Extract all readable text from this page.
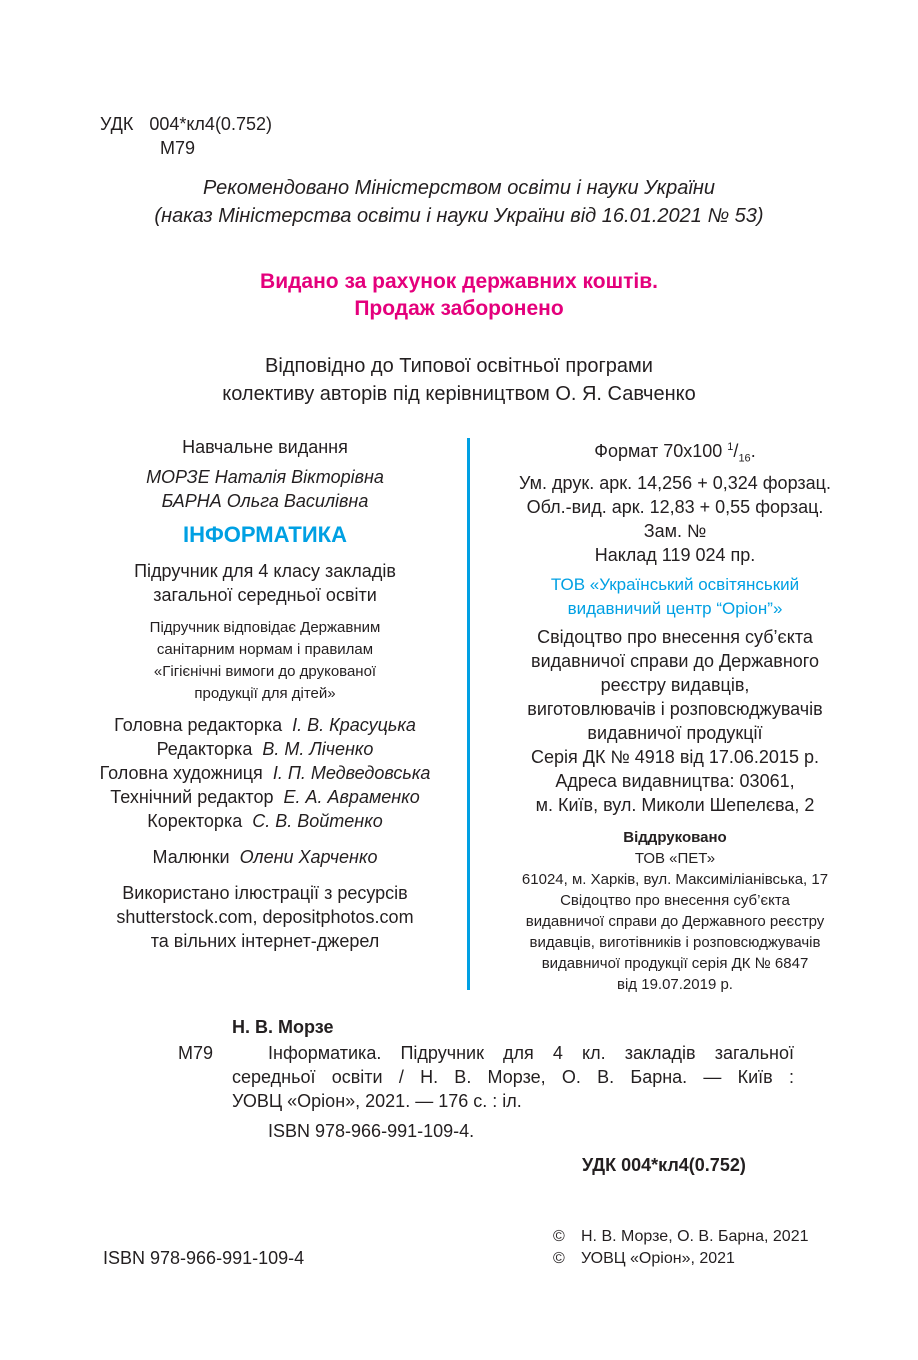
УДК 004*кл4(0.752)
М79
Рекомендовано Міністерством освіти і науки України
(наказ Міністерства освіти і науки України від 16.01.2021 № 53)
Видано за рахунок державних коштів.
Продаж заборонено
Відповідно до Типової освітньої програми
колективу авторів під керівництвом О. Я. Савченко
Навчальне видання
МОРЗЕ Наталія Вікторівна
БАРНА Ольга Василівна
ІНФОРМАТИКА
Підручник для 4 класу закладів
загальної середньої освіти
Підручник відповідає Державним
санітарним нормам і правилам
«Гігієнічні вимоги до друкованої
продукції для дітей»
Головна редакторка І. В. Красуцька
Редакторка В. М. Ліченко
Головна художниця І. П. Медведовська
Технічний редактор Е. А. Авраменко
Коректорка С. В. Войтенко
Малюнки Олени Харченко
Використано ілюстрації з ресурсів
shutterstock.com, depositphotos.com
та вільних інтернет-джерел
Формат 70х100 $^1/_{16}$.
Ум. друк. арк. 14,256 + 0,324 форзац.
Обл.-вид. арк. 12,83 + 0,55 форзац.
Зам. №
Наклад 119 024 пр.
ТОВ «Український освітянський
видавничий центр “Оріон”»
Свідоцтво про внесення суб’єкта
видавничої справи до Державного
реєстру видавців,
виготовлювачів і розповсюджувачів
видавничої продукції
Серія ДК № 4918 від 17.06.2015 р.
Адреса видавництва: 03061,
м. Київ, вул. Миколи Шепелєва, 2
Віддруковано
ТОВ «ПЕТ»
61024, м. Харків, вул. Максиміліанівська, 17
Свідоцтво про внесення суб’єкта
видавничої справи до Державного реєстру
видавців, виготівників і розповсюджувачів
видавничої продукції серія ДК № 6847
від 19.07.2019 р.
Н. В. Морзе
М79	Інформатика. Підручник для 4 кл. закладів загальної
середньої освіти / Н. В. Морзе, О. В. Барна. — Київ :
УОВЦ «Оріон», 2021. — 176 с. : іл.
ISBN 978-966-991-109-4.
УДК 004*кл4(0.752)
ISBN 978-966-991-109-4
© Н. В. Морзе, О. В. Барна, 2021
© УОВЦ «Оріон», 2021
